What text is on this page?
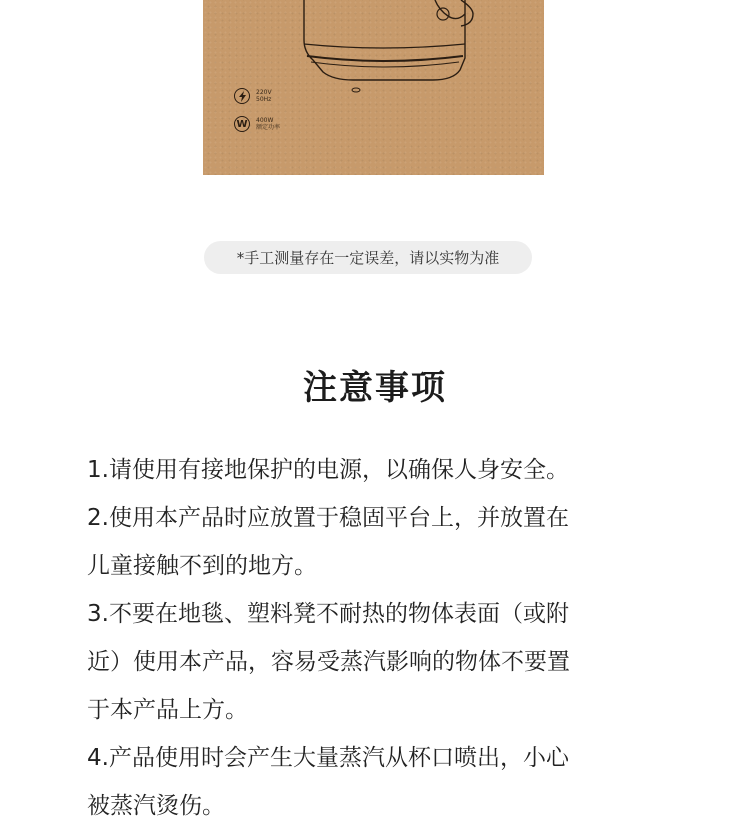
220V
50Hz
W	400W
额定功率
*手工测量存在一定误差，请以实物为准
注意事项
1.请使用有接地保护的电源，以确保人身安全。
2.使用本产品时应放置于稳固平台上，并放置在
儿童接触不到的地方。
3.不要在地毯、塑料凳不耐热的物体表面（或附
近）使用本产品，容易受蒸汽影响的物体不要置
于本产品上方。
4.产品使用时会产生大量蒸汽从杯口喷出，小心
被蒸汽烫伤。
